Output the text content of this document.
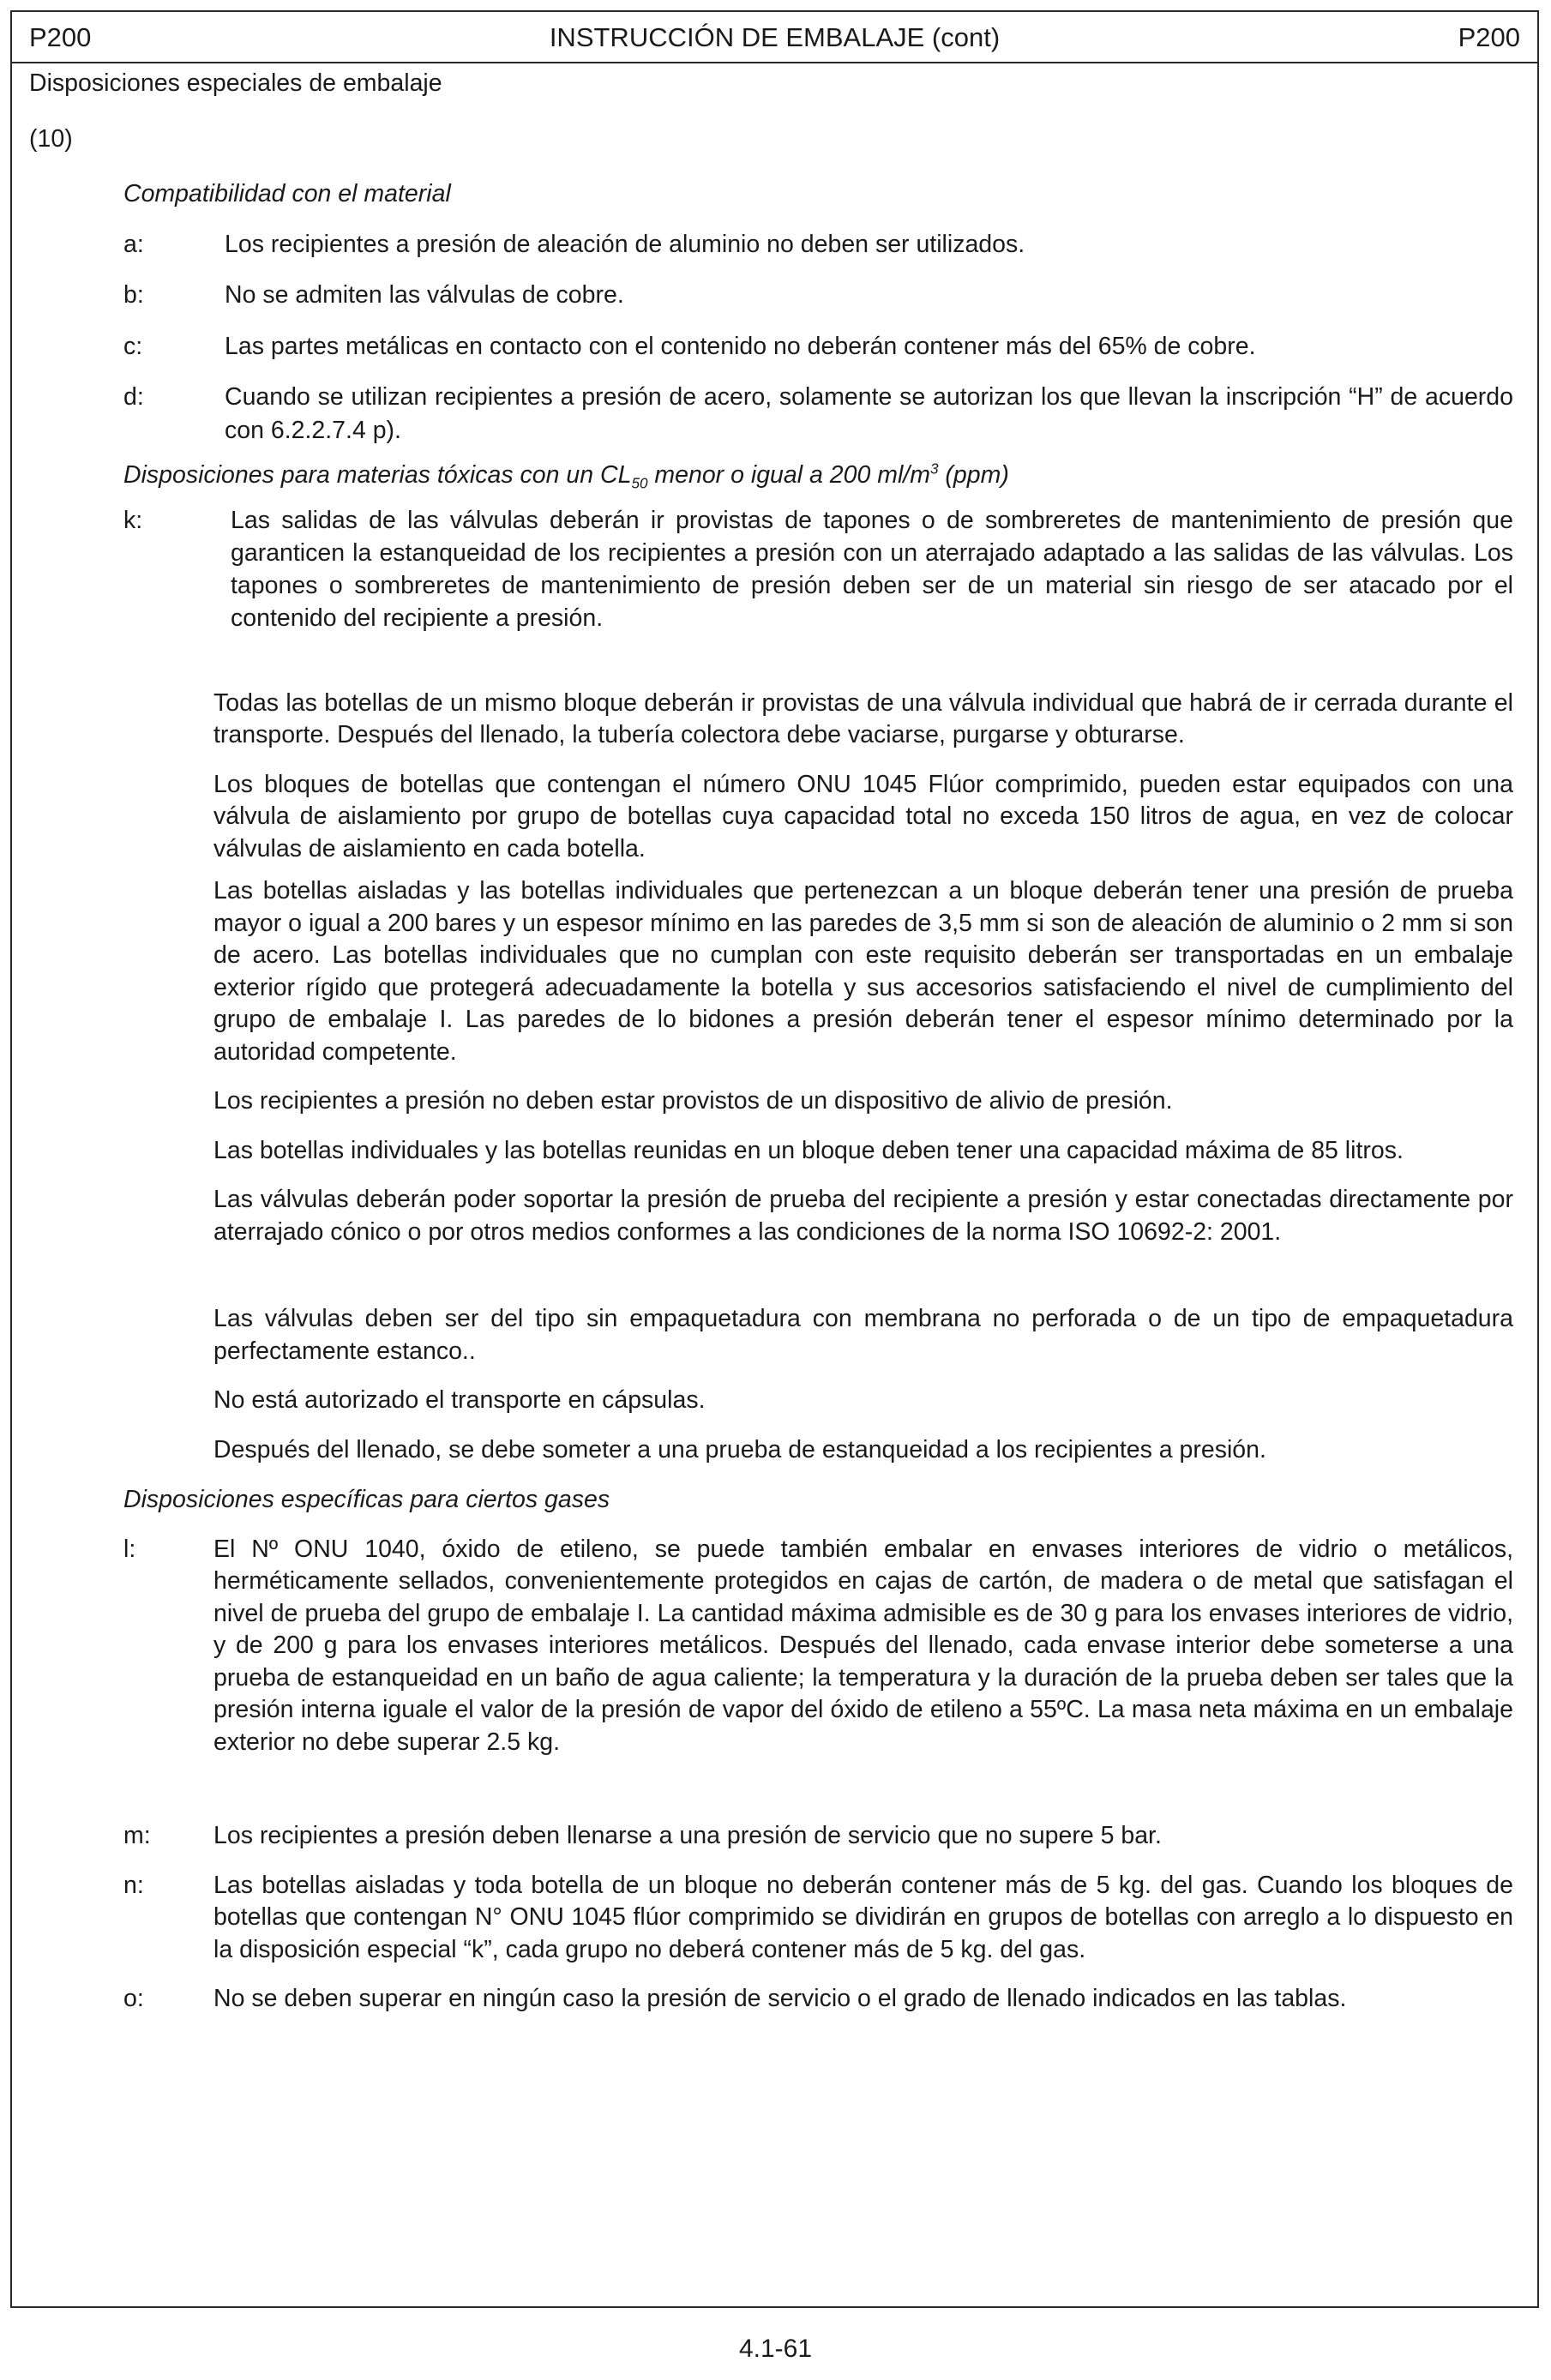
P200	INSTRUCCIÓN DE EMBALAJE (cont)	P200

Disposiciones especiales de embalaje

(10)

Compatibilidad con el material

a:	Los recipientes a presión de aleación de aluminio no deben ser utilizados.
b:	No se admiten las válvulas de cobre.
c:	Las partes metálicas en contacto con el contenido no deberán contener más del 65% de cobre.
d:	Cuando se utilizan recipientes a presión de acero, solamente se autorizan los que llevan la inscripción “H” de acuerdo con 6.2.2.7.4 p).

Disposiciones para materias tóxicas con un $CL_{50}$ menor o igual a 200 $ml/m^3$ (ppm)

k:	Las salidas de las válvulas deberán ir provistas de tapones o de sombreretes de mantenimiento de presión que garanticen la estanqueidad de los recipientes a presión con un aterrajado adaptado a las salidas de las válvulas. Los tapones o sombreretes de mantenimiento de presión deben ser de un material sin riesgo de ser atacado por el contenido del recipiente a presión.

Todas las botellas de un mismo bloque deberán ir provistas de una válvula individual que habrá de ir cerrada durante el transporte. Después del llenado, la tubería colectora debe vaciarse, purgarse y obturarse.

Los bloques de botellas que contengan el número ONU 1045 Flúor comprimido, pueden estar equipados con una válvula de aislamiento por grupo de botellas cuya capacidad total no exceda 150 litros de agua, en vez de colocar válvulas de aislamiento en cada botella.

Las botellas aisladas y las botellas individuales que pertenezcan a un bloque deberán tener una presión de prueba mayor o igual a 200 bares y un espesor mínimo en las paredes de 3,5 mm si son de aleación de aluminio o 2 mm si son de acero. Las botellas individuales que no cumplan con este requisito deberán ser transportadas en un embalaje exterior rígido que protegerá adecuadamente la botella y sus accesorios satisfaciendo el nivel de cumplimiento del grupo de embalaje I. Las paredes de lo bidones a presión deberán tener el espesor mínimo determinado por la autoridad competente.

Los recipientes a presión no deben estar provistos de un dispositivo de alivio de presión.

Las botellas individuales y las botellas reunidas en un bloque deben tener una capacidad máxima de 85 litros.

Las válvulas deberán poder soportar la presión de prueba del recipiente a presión y estar conectadas directamente por aterrajado cónico o por otros medios conformes a las condiciones de la norma ISO 10692-2: 2001.

Las válvulas deben ser del tipo sin empaquetadura con membrana no perforada o de un tipo de empaquetadura perfectamente estanco..

No está autorizado el transporte en cápsulas.

Después del llenado, se debe someter a una prueba de estanqueidad a los recipientes a presión.

Disposiciones específicas para ciertos gases

l:	El Nº ONU 1040, óxido de etileno, se puede también embalar en envases interiores de vidrio o metálicos, herméticamente sellados, convenientemente protegidos en cajas de cartón, de madera o de metal que satisfagan el nivel de prueba del grupo de embalaje I. La cantidad máxima admisible es de 30 g para los envases interiores de vidrio, y de 200 g para los envases interiores metálicos. Después del llenado, cada envase interior debe someterse a una prueba de estanqueidad en un baño de agua caliente; la temperatura y la duración de la prueba deben ser tales que la presión interna iguale el valor de la presión de vapor del óxido de etileno a 55ºC. La masa neta máxima en un embalaje exterior no debe superar 2.5 kg.
m:	Los recipientes a presión deben llenarse a una presión de servicio que no supere 5 bar.
n:	Las botellas aisladas y toda botella de un bloque no deberán contener más de 5 kg. del gas. Cuando los bloques de botellas que contengan N° ONU 1045 flúor comprimido se dividirán en grupos de botellas con arreglo a lo dispuesto en la disposición especial “k”, cada grupo no deberá contener más de 5 kg. del gas.
o:	No se deben superar en ningún caso la presión de servicio o el grado de llenado indicados en las tablas.
4.1-61
